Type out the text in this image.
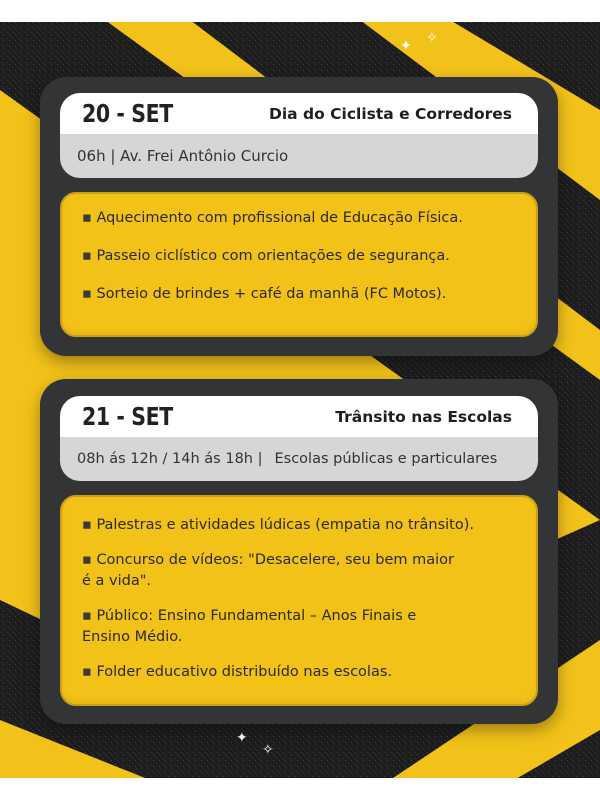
✦ ✧
✦
✧
20 - SET	Dia do Ciclista e Corredores
06h | Av. Frei Antônio Curcio
▪ Aquecimento com profissional de Educação Física.
▪ Passeio ciclístico com orientações de segurança.
▪ Sorteio de brindes + café da manhã (FC Motos).
21 - SET	Trânsito nas Escolas
08h ás 12h / 14h ás 18h | Escolas públicas e particulares
▪ Palestras e atividades lúdicas (empatia no trânsito).
▪ Concurso de vídeos: "Desacelere, seu bem maior
é a vida".
▪ Público: Ensino Fundamental – Anos Finais e
Ensino Médio.
▪ Folder educativo distribuído nas escolas.
